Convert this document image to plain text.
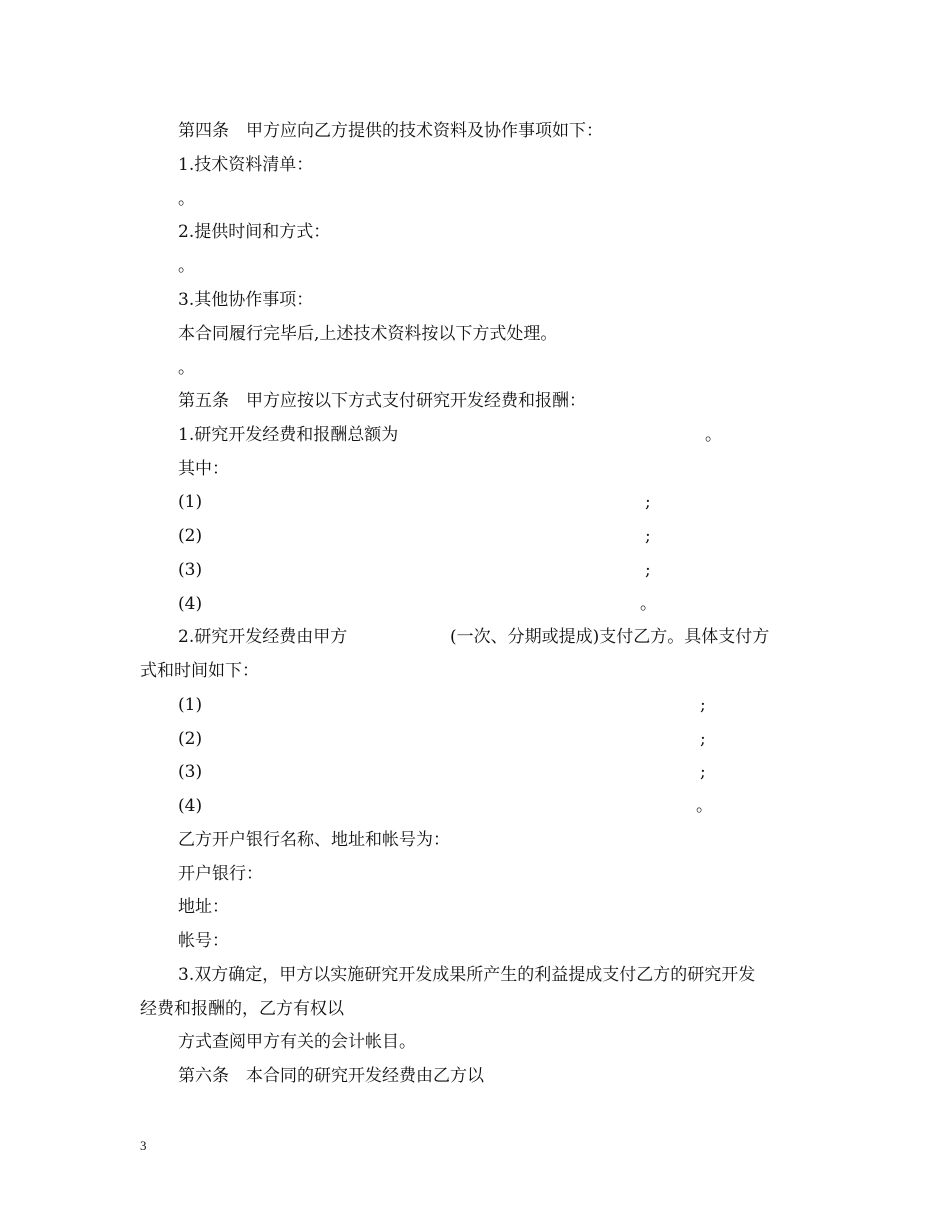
第四条　甲方应向乙方提供的技术资料及协作事项如下：
1.技术资料清单：
。
2.提供时间和方式：
。
3.其他协作事项：
本合同履行完毕后,上述技术资料按以下方式处理。
。
第五条　甲方应按以下方式支付研究开发经费和报酬：
1.研究开发经费和报酬总额为	。
其中：
(1)	;
(2)	;
(3)	;
(4)	。
2.研究开发经费由甲方	(一次、分期或提成)支付乙方。具体支付方
式和时间如下：
(1)	;
(2)	;
(3)	;
(4)	。
乙方开户银行名称、地址和帐号为：
开户银行：
地址：
帐号：
3.双方确定，甲方以实施研究开发成果所产生的利益提成支付乙方的研究开发
经费和报酬的，乙方有权以
方式查阅甲方有关的会计帐目。
第六条　本合同的研究开发经费由乙方以
3
